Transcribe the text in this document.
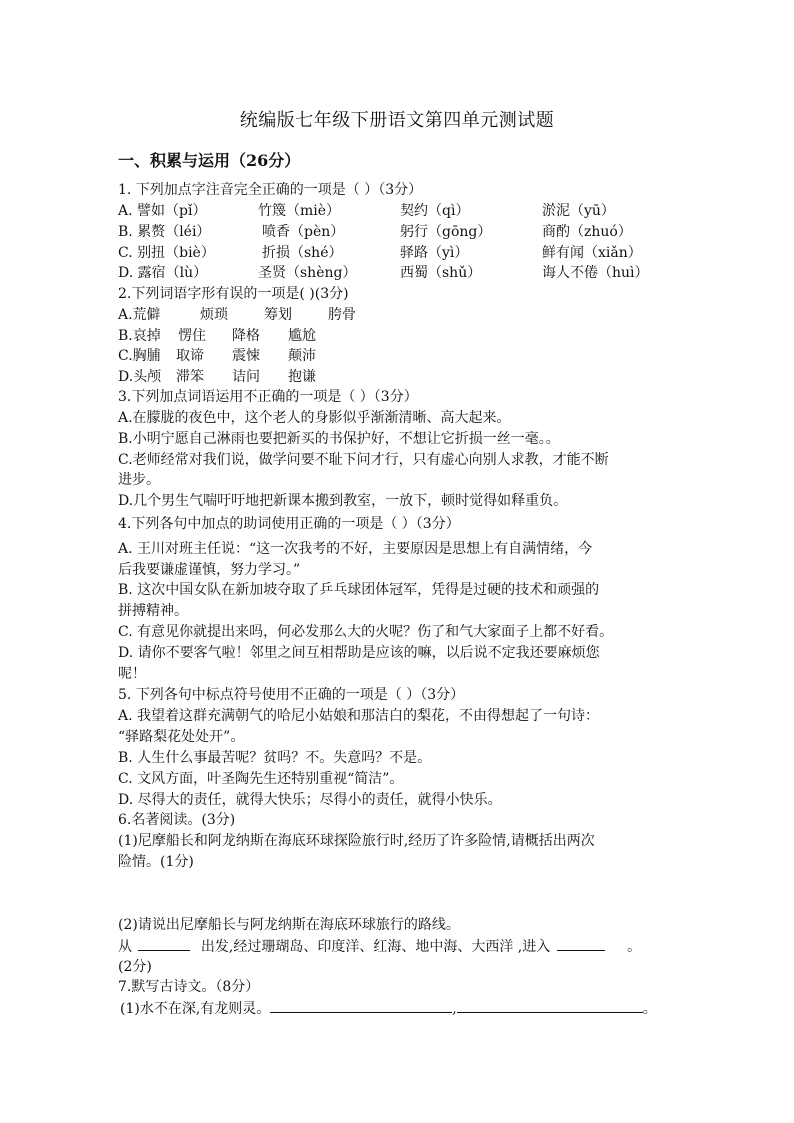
统编版七年级下册语文第四单元测试题
一、积累与运用（26分）
1. 下列加点字注音完全正确的一项是（ ）（3分）
A. 譬如（pǐ）	竹篾（miè）	契约（qì）	淤泥（yū）
B. 累赘（léi）	喷香（pèn）	躬行（gōng）	商酌（zhuó）
C. 别扭（biè）	折损（shé）	驿路（yì）	鲜有闻（xiǎn）
D. 露宿（lù）	圣贤（shèng）	西蜀（shǔ）	诲人不倦（huì）
2.下列词语字形有误的一项是( )(3分)
A.荒僻	烦琐	筹划	胯骨
B.哀掉 愣住 降格 尴尬
C.胸脯 取谛 震悚 颠沛
D.头颅 滞笨 诘问 抱谦
3.下列加点词语运用不正确的一项是（ ）（3分）
A.在朦胧的夜色中，这个老人的身影似乎渐渐清晰、高大起来。
B.小明宁愿自己淋雨也要把新买的书保护好，不想让它折损一丝一毫。。
C.老师经常对我们说，做学问要不耻下问才行，只有虚心向别人求教，才能不断
进步。
D.几个男生气喘吁吁地把新课本搬到教室，一放下，顿时觉得如释重负。
4.下列各句中加点的助词使用正确的一项是（ ）（3分）
A. 王川对班主任说：“这一次我考的不好，主要原因是思想上有自满情绪，今
后我要谦虚谨慎，努力学习。”
B. 这次中国女队在新加坡夺取了乒乓球团体冠军，凭得是过硬的技术和顽强的
拼搏精神。
C. 有意见你就提出来吗，何必发那么大的火呢？伤了和气大家面子上都不好看。
D. 请你不要客气啦！邻里之间互相帮助是应该的嘛，以后说不定我还要麻烦您
呢！
5. 下列各句中标点符号使用不正确的一项是（ ）（3分）
A. 我望着这群充满朝气的哈尼小姑娘和那洁白的梨花，不由得想起了一句诗：
“驿路梨花处处开”。
B. 人生什么事最苦呢？贫吗？不。失意吗？不是。
C. 文风方面，叶圣陶先生还特别重视“简洁”。
D. 尽得大的责任，就得大快乐；尽得小的责任，就得小快乐。
6.名著阅读。(3分)
(1)尼摩船长和阿龙纳斯在海底环球探险旅行时,经历了许多险情,请概括出两次
险情。(1分)
(2)请说出尼摩船长与阿龙纳斯在海底环球旅行的路线。
从	出发,经过珊瑚岛、印度洋、红海、地中海、大西洋 ,进入	。
(2分)
7.默写古诗文。（8分）
(1)水不在深,有龙则灵。	,	。
